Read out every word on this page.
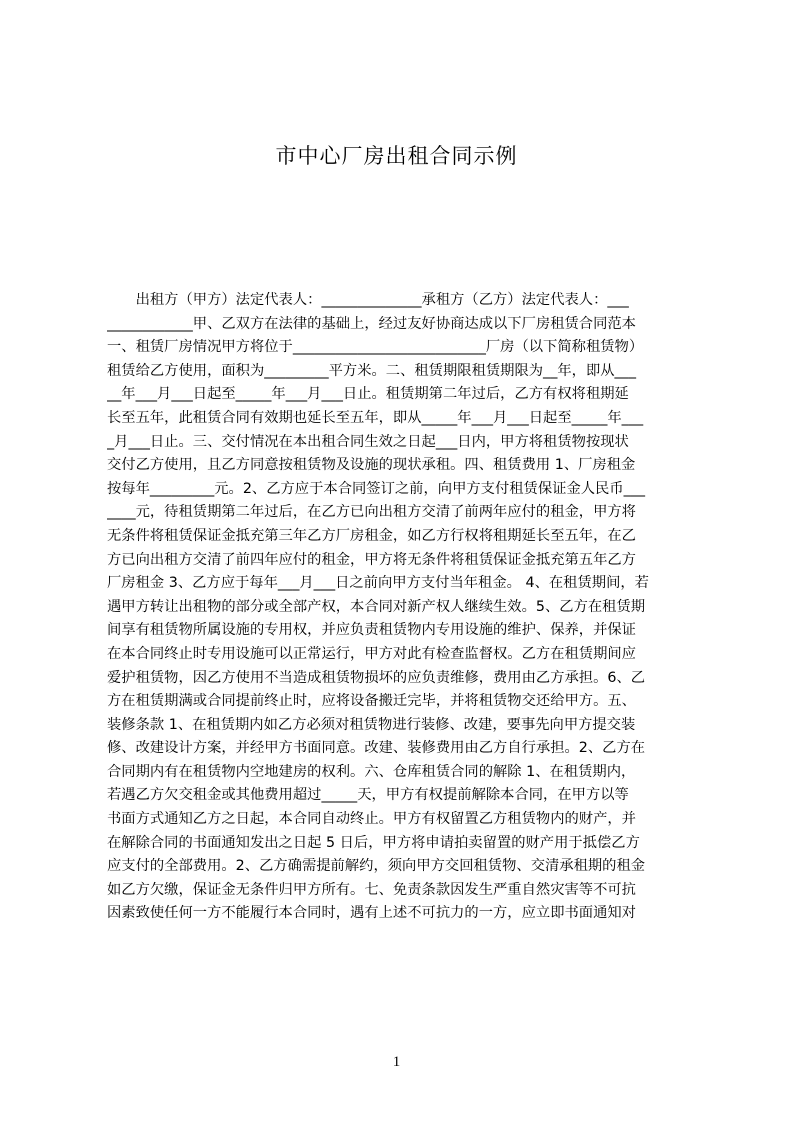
市中心厂房出租合同示例
　　出租方（甲方）法定代表人：______________承租方（乙方）法定代表人：___
____________甲、乙双方在法律的基础上，经过友好协商达成以下厂房租赁合同范本
一、租赁厂房情况甲方将位于___________________________厂房（以下简称租赁物）
租赁给乙方使用，面积为_________平方米。二、租赁期限租赁期限为__年，即从___
__年___月___日起至_____年___月___日止。租赁期第二年过后，乙方有权将租期延
长至五年，此租赁合同有效期也延长至五年，即从_____年___月___日起至_____年___
_月___日止。三、交付情况在本出租合同生效之日起___日内，甲方将租赁物按现状
交付乙方使用，且乙方同意按租赁物及设施的现状承租。四、租赁费用 1、厂房租金
按每年_________元。2、乙方应于本合同签订之前，向甲方支付租赁保证金人民币___
____元，待租赁期第二年过后，在乙方已向出租方交清了前两年应付的租金，甲方将
无条件将租赁保证金抵充第三年乙方厂房租金，如乙方行权将租期延长至五年，在乙
方已向出租方交清了前四年应付的租金，甲方将无条件将租赁保证金抵充第五年乙方
厂房租金 3、乙方应于每年___月___日之前向甲方支付当年租金。 4、在租赁期间，若
遇甲方转让出租物的部分或全部产权，本合同对新产权人继续生效。5、乙方在租赁期
间享有租赁物所属设施的专用权，并应负责租赁物内专用设施的维护、保养，并保证
在本合同终止时专用设施可以正常运行，甲方对此有检查监督权。乙方在租赁期间应
爱护租赁物，因乙方使用不当造成租赁物损坏的应负责维修，费用由乙方承担。6、乙
方在租赁期满或合同提前终止时，应将设备搬迁完毕，并将租赁物交还给甲方。五、
装修条款 1、在租赁期内如乙方必须对租赁物进行装修、改建，要事先向甲方提交装
修、改建设计方案，并经甲方书面同意。改建、装修费用由乙方自行承担。2、乙方在
合同期内有在租赁物内空地建房的权利。六、仓库租赁合同的解除 1、在租赁期内，
若遇乙方欠交租金或其他费用超过_____天，甲方有权提前解除本合同，在甲方以等
书面方式通知乙方之日起，本合同自动终止。甲方有权留置乙方租赁物内的财产，并
在解除合同的书面通知发出之日起 5 日后，甲方将申请拍卖留置的财产用于抵偿乙方
应支付的全部费用。2、乙方确需提前解约，须向甲方交回租赁物、交清承租期的租金
如乙方欠缴，保证金无条件归甲方所有。七、免责条款因发生严重自然灾害等不可抗
因素致使任何一方不能履行本合同时，遇有上述不可抗力的一方，应立即书面通知对
1
